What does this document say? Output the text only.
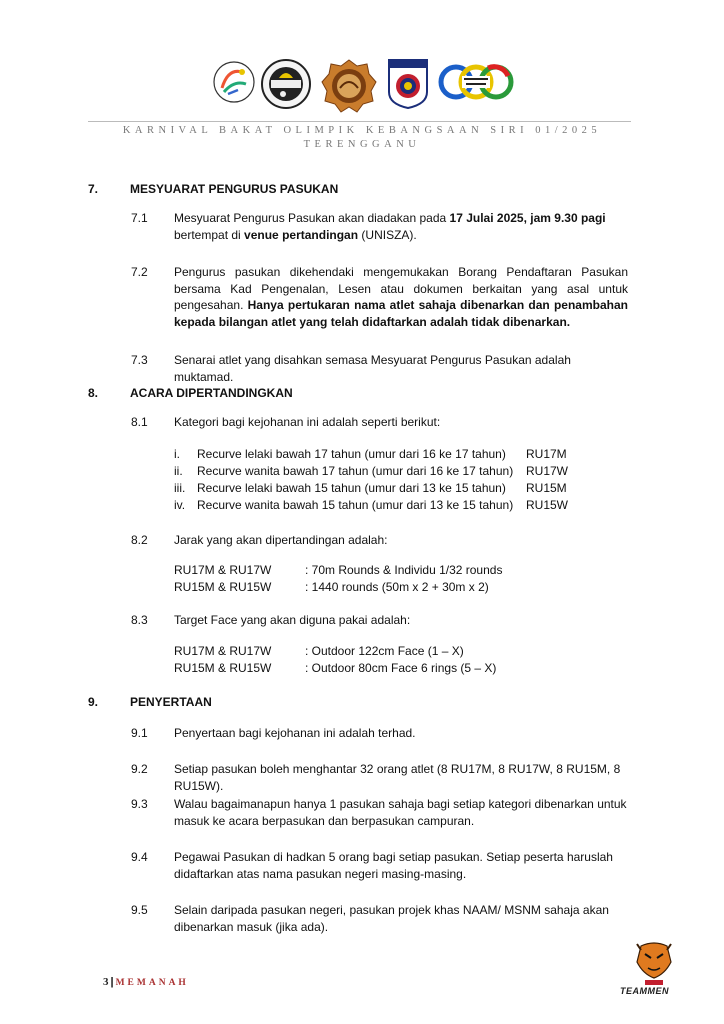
KARNIVAL BAKAT OLIMPIK KEBANGSAAN SIRI 01/2025
TERENGGANU
7.	MESYUARAT PENGURUS PASUKAN
7.1 Mesyuarat Pengurus Pasukan akan diadakan pada 17 Julai 2025, jam 9.30 pagi bertempat di venue pertandingan (UNISZA).
7.2 Pengurus pasukan dikehendaki mengemukakan Borang Pendaftaran Pasukan bersama Kad Pengenalan, Lesen atau dokumen berkaitan yang asal untuk pengesahan. Hanya pertukaran nama atlet sahaja dibenarkan dan penambahan kepada bilangan atlet yang telah didaftarkan adalah tidak dibenarkan.
7.3 Senarai atlet yang disahkan semasa Mesyuarat Pengurus Pasukan adalah muktamad.
8.	ACARA DIPERTANDINGKAN
8.1 Kategori bagi kejohanan ini adalah seperti berikut:
i.	Recurve lelaki bawah 17 tahun (umur dari 16 ke 17 tahun) RU17M
ii.	Recurve wanita bawah 17 tahun (umur dari 16 ke 17 tahun) RU17W
iii. Recurve lelaki bawah 15 tahun (umur dari 13 ke 15 tahun) RU15M
iv. Recurve wanita bawah 15 tahun (umur dari 13 ke 15 tahun) RU15W
8.2 Jarak yang akan dipertandingan adalah:
RU17M & RU17W	: 70m Rounds & Individu 1/32 rounds
RU15M & RU15W	: 1440 rounds (50m x 2 + 30m x 2)
8.3 Target Face yang akan diguna pakai adalah:
RU17M & RU17W	: Outdoor 122cm Face (1 – X)
RU15M & RU15W	: Outdoor 80cm Face 6 rings (5 – X)
9.	PENYERTAAN
9.1 Penyertaan bagi kejohanan ini adalah terhad.
9.2 Setiap pasukan boleh menghantar 32 orang atlet (8 RU17M, 8 RU17W, 8 RU15M, 8 RU15W).
9.3 Walau bagaimanapun hanya 1 pasukan sahaja bagi setiap kategori dibenarkan untuk masuk ke acara berpasukan dan berpasukan campuran.
9.4 Pegawai Pasukan di hadkan 5 orang bagi setiap pasukan. Setiap peserta haruslah didaftarkan atas nama pasukan negeri masing-masing.
9.5 Selain daripada pasukan negeri, pasukan projek khas NAAM/ MSNM sahaja akan dibenarkan masuk (jika ada).
3 | MEMANAH
TEAMMEN
